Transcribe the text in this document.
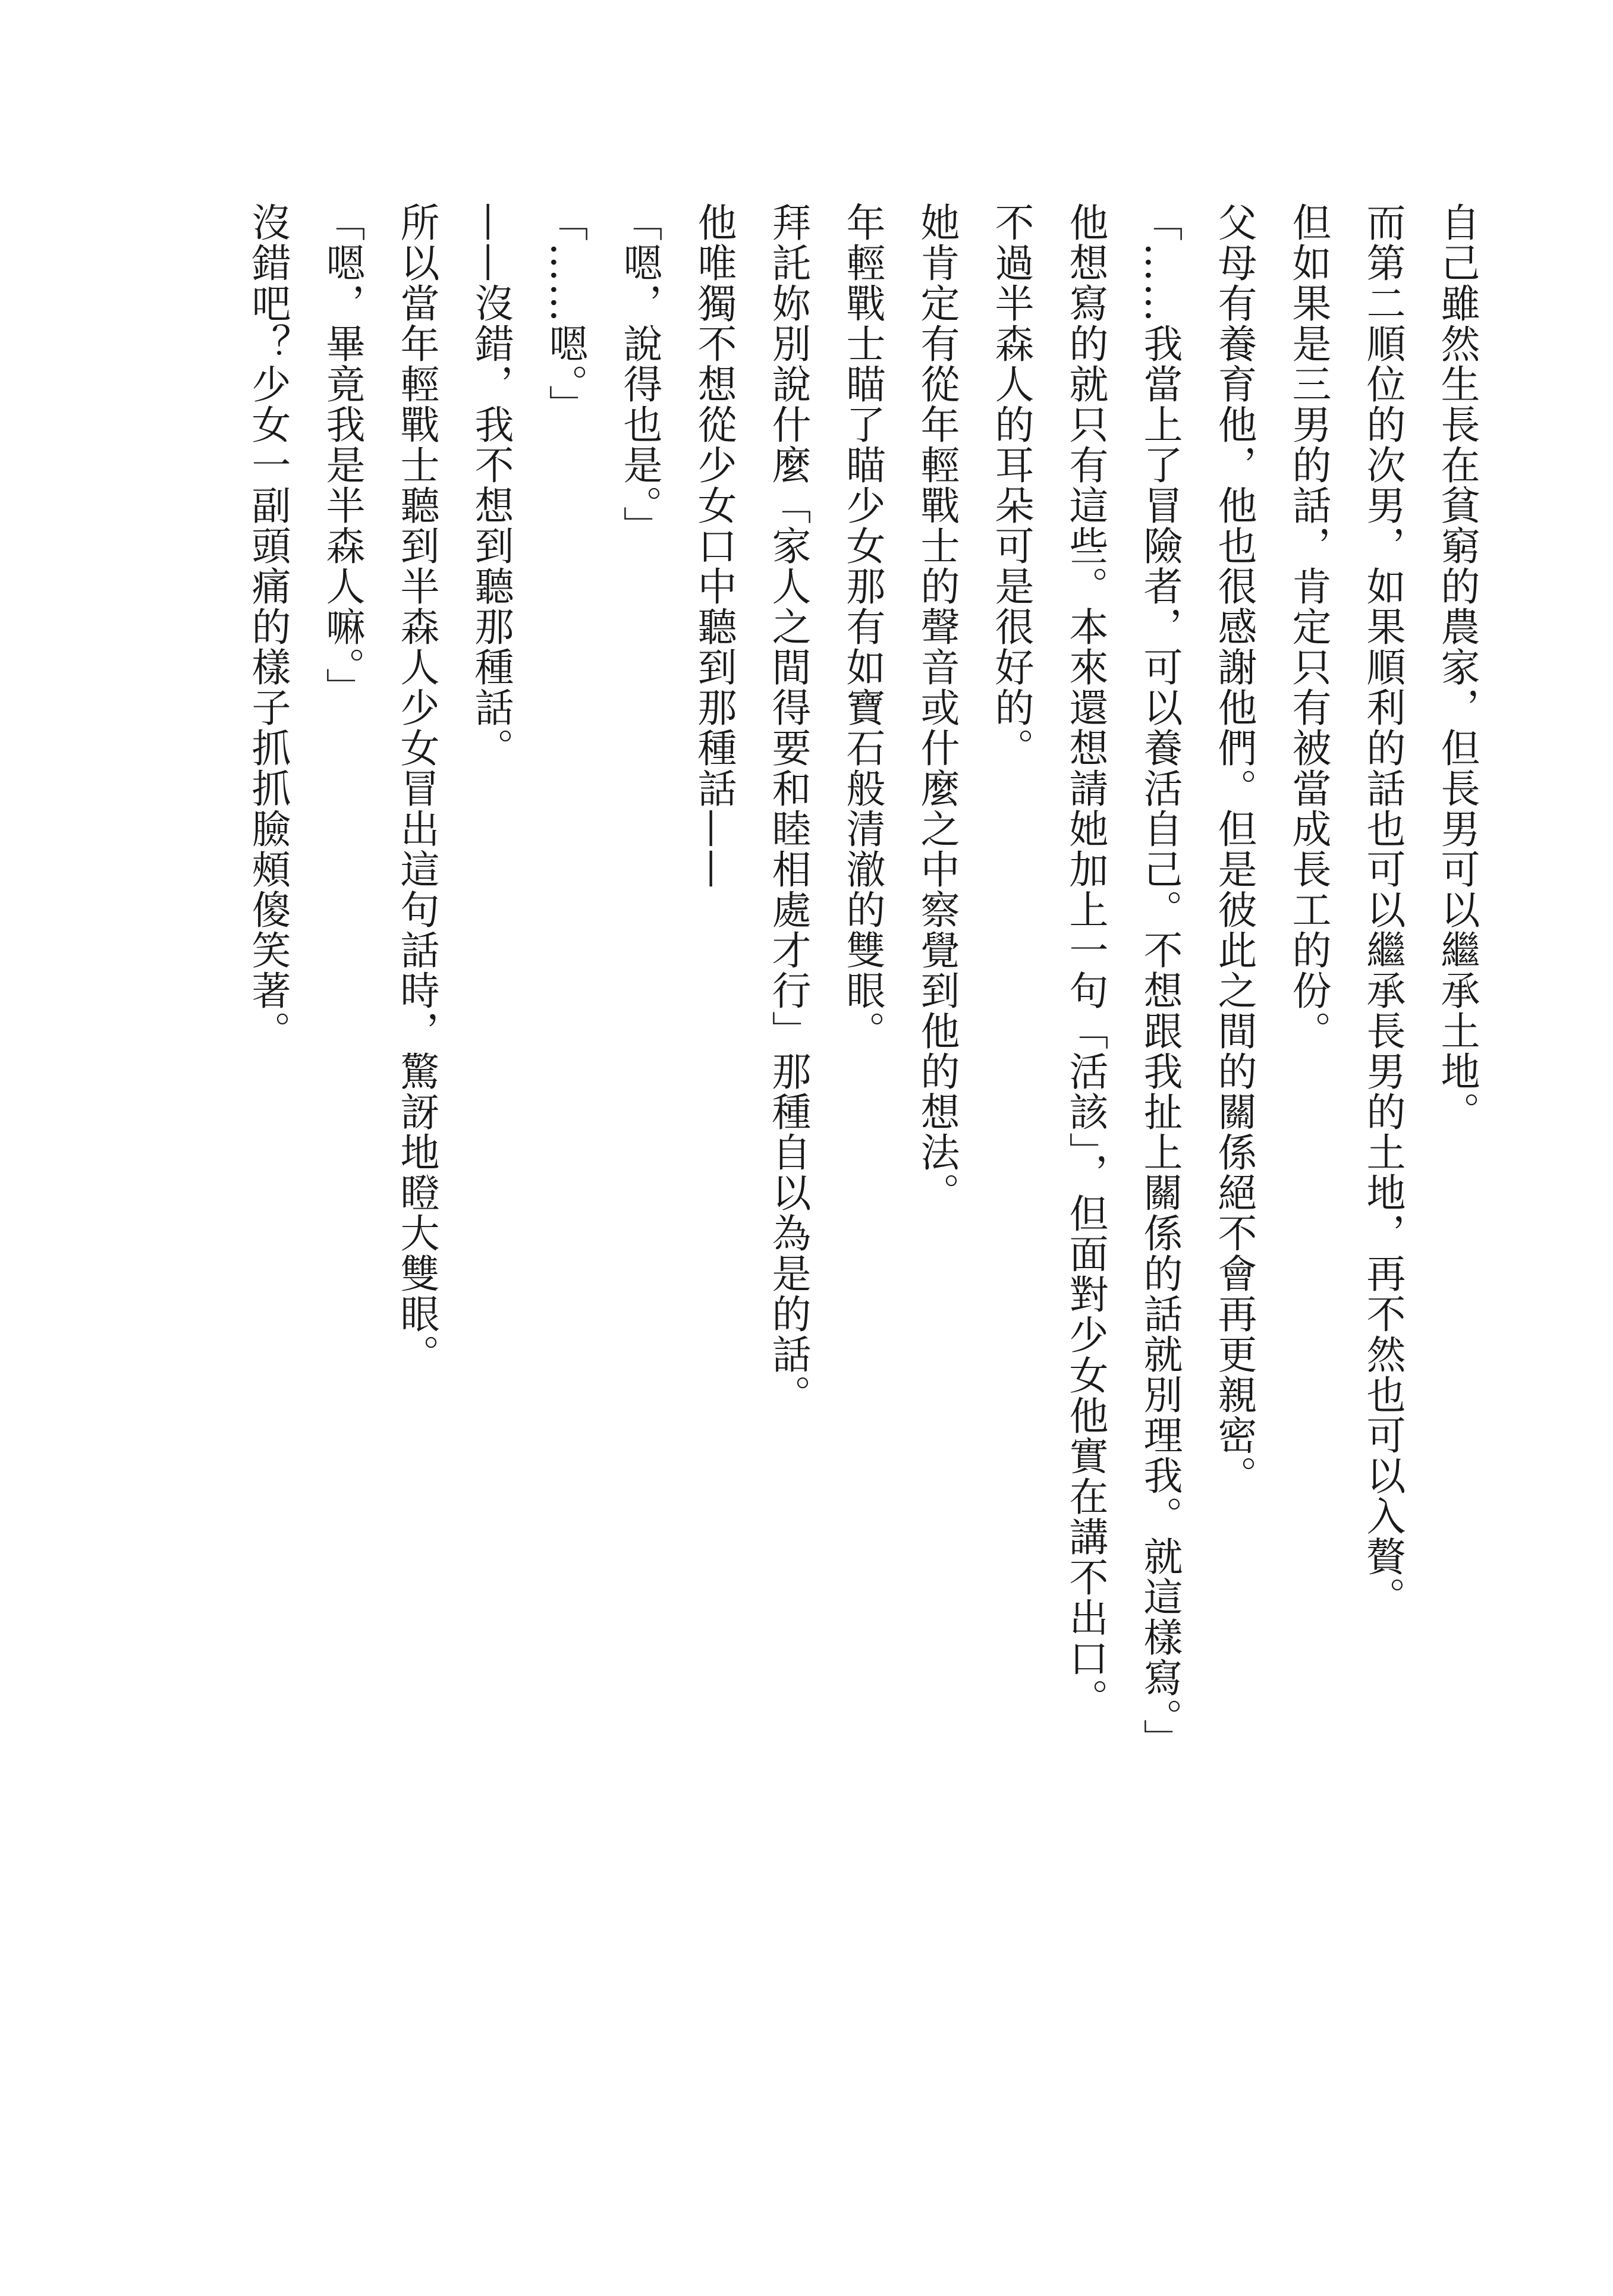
自己雖然生長在貧窮的農家，但長男可以繼承土地。

而第二順位的次男，如果順利的話也可以繼承長男的土地，再不然也可以入贅。

但如果是三男的話，肯定只有被當成長工的份。

父母有養育他，他也很感謝他們。但是彼此之間的關係絕不會再更親密。

「……我當上了冒險者，可以養活自己。不想跟我扯上關係的話就別理我。就這樣寫。」

他想寫的就只有這些。本來還想請她加上一句「活該」，但面對少女他實在講不出口。

不過半森人的耳朵可是很好的。

她肯定有從年輕戰士的聲音或什麼之中察覺到他的想法。

年輕戰士瞄了瞄少女那有如寶石般清澈的雙眼。

拜託妳別說什麼「家人之間得要和睦相處才行」那種自以為是的話。

他唯獨不想從少女口中聽到那種話——

「嗯，說得也是。」

「……嗯。」

——沒錯，我不想到聽那種話。

所以當年輕戰士聽到半森人少女冒出這句話時，驚訝地瞪大雙眼。

「嗯，畢竟我是半森人嘛。」

沒錯吧？少女一副頭痛的樣子抓抓臉頰傻笑著。
